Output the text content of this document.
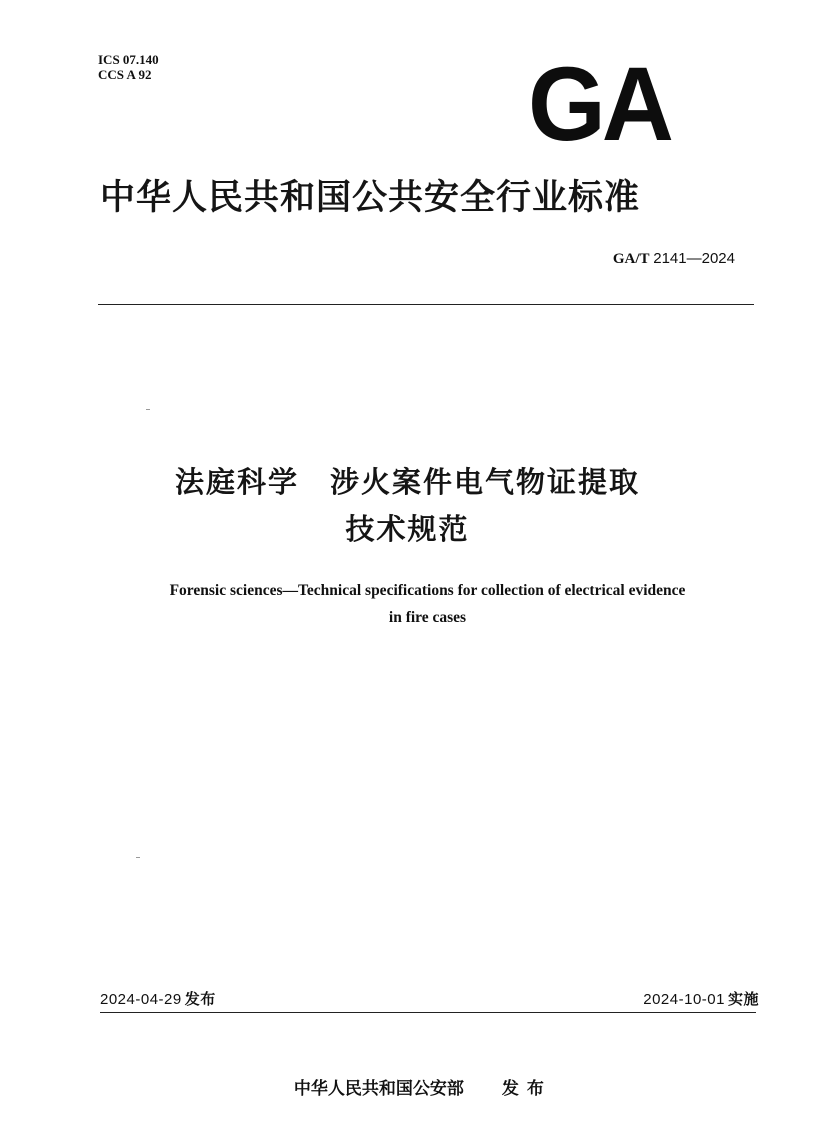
ICS 07.140
CCS A 92	GA
中华人民共和国公共安全行业标准
GA/T 2141—2024
法庭科学　涉火案件电气物证提取
技术规范
Forensic sciences—Technical specifications for collection of electrical evidence
in fire cases
2024-04-29 发布	2024-10-01 实施

中华人民共和国公安部 发布
